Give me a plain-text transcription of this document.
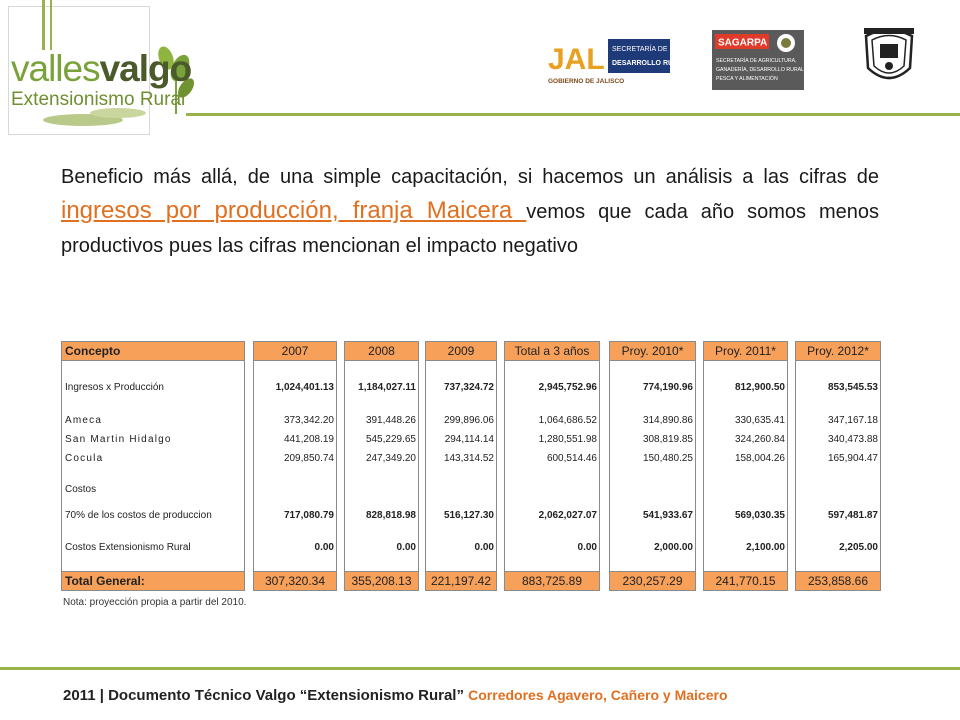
vallesvalgo
Extensionismo Rural
JAL SECRETARÍA DE
DESARROLLO RURAL
GOBIERNO DE JALISCO
SAGARPA
SECRETARÍA DE AGRICULTURA,
GANADERÍA, DESARROLLO RURAL,
PESCA Y ALIMENTACIÓN
Beneficio más allá, de una simple capacitación, si hacemos un análisis a las cifras de ingresos por producción, franja Maicera vemos que cada año somos menos productivos pues las cifras mencionan el impacto negativo
Concepto
Ingresos x Producción
Ameca
San Martin Hidalgo
Cocula
Costos
70% de los costos de produccion
Costos Extensionismo Rural
Total General:
2007
1,024,401.13
373,342.20
441,208.19
209,850.74
717,080.79
0.00
307,320.34
2008
1,184,027.11
391,448.26
545,229.65
247,349.20
828,818.98
0.00
355,208.13
2009
737,324.72
299,896.06
294,114.14
143,314.52
516,127.30
0.00
221,197.42
Total a 3 años
2,945,752.96
1,064,686.52
1,280,551.98
600,514.46
2,062,027.07
0.00
883,725.89
Proy. 2010*
774,190.96
314,890.86
308,819.85
150,480.25
541,933.67
2,000.00
230,257.29
Proy. 2011*
812,900.50
330,635.41
324,260.84
158,004.26
569,030.35
2,100.00
241,770.15
Proy. 2012*
853,545.53
347,167.18
340,473.88
165,904.47
597,481.87
2,205.00
253,858.66
Nota: proyección propia a partir del 2010.
2011 | Documento Técnico Valgo “Extensionismo Rural” Corredores Agavero, Cañero y Maicero
